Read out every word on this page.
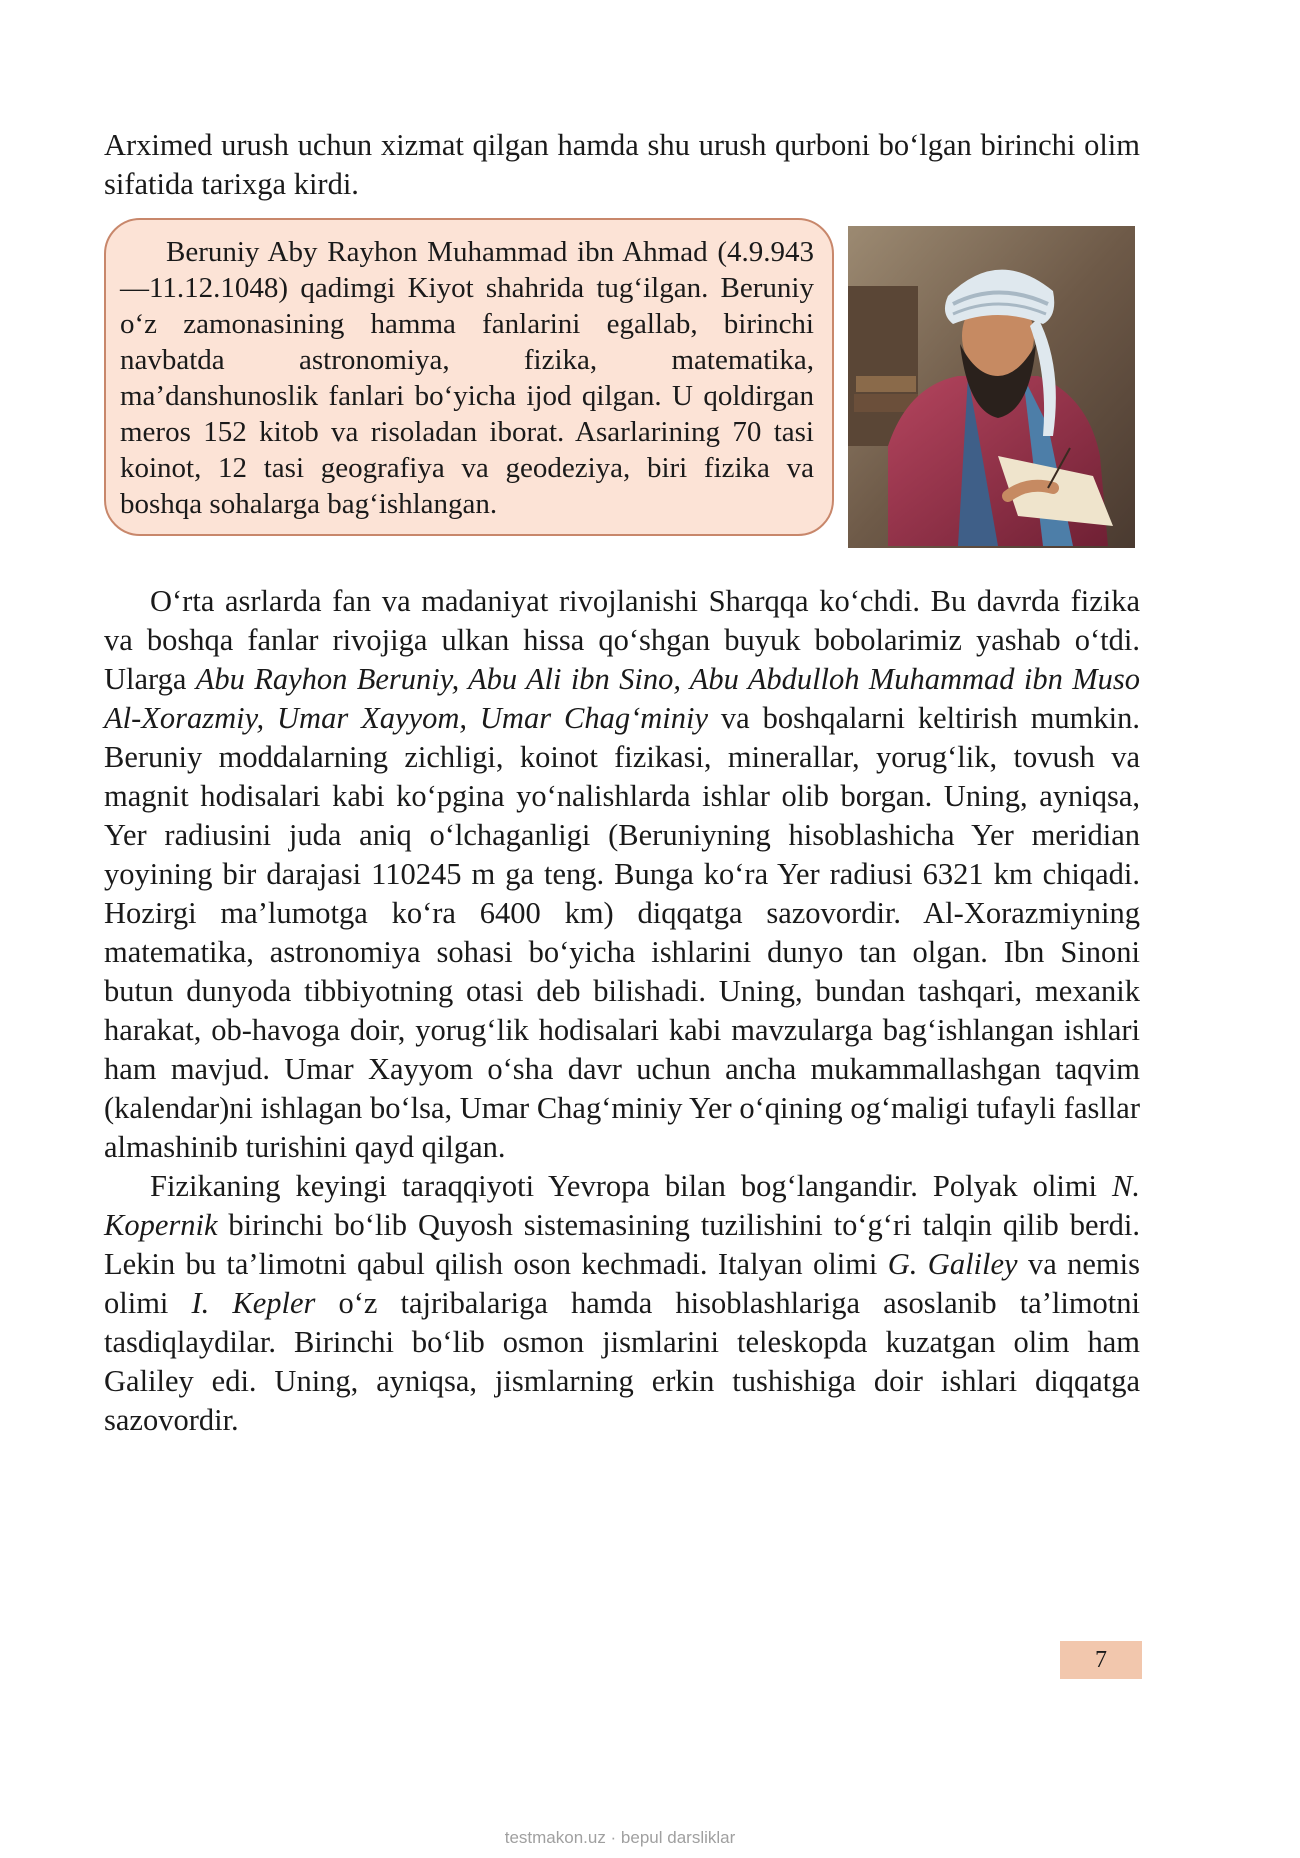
Arximed urush uchun xizmat qilgan hamda shu urush qurboni bo‘lgan birinchi olim sifatida tarixga kirdi.

Beruniy Aby Rayhon Muhammad ibn Ahmad (4.9.943—11.12.1048) qadimgi Kiyot shahrida tug‘ilgan. Beruniy o‘z zamonasining hamma fanlarini egallab, birinchi navbatda astronomiya, fizika, matematika, ma’danshunoslik fanlari bo‘yicha ijod qilgan. U qoldirgan meros 152 kitob va risoladan iborat. Asarlarining 70 tasi koinot, 12 tasi geografiya va geodeziya, biri fizika va boshqa sohalarga bag‘ishlangan.

O‘rta asrlarda fan va madaniyat rivojlanishi Sharqqa ko‘chdi. Bu davrda fizika va boshqa fanlar rivojiga ulkan hissa qo‘shgan buyuk bobolarimiz yashab o‘tdi. Ularga Abu Rayhon Beruniy, Abu Ali ibn Sino, Abu Abdulloh Muhammad ibn Muso Al-Xorazmiy, Umar Xayyom, Umar Chag‘miniy va boshqalarni keltirish mumkin. Beruniy moddalarning zichligi, koinot fizikasi, minerallar, yorug‘lik, tovush va magnit hodisalari kabi ko‘pgina yo‘nalishlarda ishlar olib borgan. Uning, ayniqsa, Yer radiusini juda aniq o‘lchaganligi (Beruniyning hisoblashicha Yer meridian yoyining bir darajasi 110245 m ga teng. Bunga ko‘ra Yer radiusi 6321 km chiqadi. Hozirgi ma’lumotga ko‘ra 6400 km) diqqatga sazovordir. Al-Xorazmiyning matematika, astronomiya sohasi bo‘yicha ishlarini dunyo tan olgan. Ibn Sinoni butun dunyoda tibbiyotning otasi deb bilishadi. Uning, bundan tashqari, mexanik harakat, ob-havoga doir, yorug‘lik hodisalari kabi mavzularga bag‘ishlangan ishlari ham mavjud. Umar Xayyom o‘sha davr uchun ancha mukammallashgan taqvim (kalendar)ni ishlagan bo‘lsa, Umar Chag‘miniy Yer o‘qining og‘maligi tufayli fasllar almashinib turishini qayd qilgan.

Fizikaning keyingi taraqqiyoti Yevropa bilan bog‘langandir. Polyak olimi N. Kopernik birinchi bo‘lib Quyosh sistemasining tuzilishini to‘g‘ri talqin qilib berdi. Lekin bu ta’limotni qabul qilish oson kechmadi. Italyan olimi G. Galiley va nemis olimi I. Kepler o‘z tajribalariga hamda hisoblashlariga asoslanib ta’limotni tasdiqlaydilar. Birinchi bo‘lib osmon jismlarini teleskopda kuzatgan olim ham Galiley edi. Uning, ayniqsa, jismlarning erkin tushishiga doir ishlari diqqatga sazovordir.

7
testmakon.uz · bepul darsliklar
